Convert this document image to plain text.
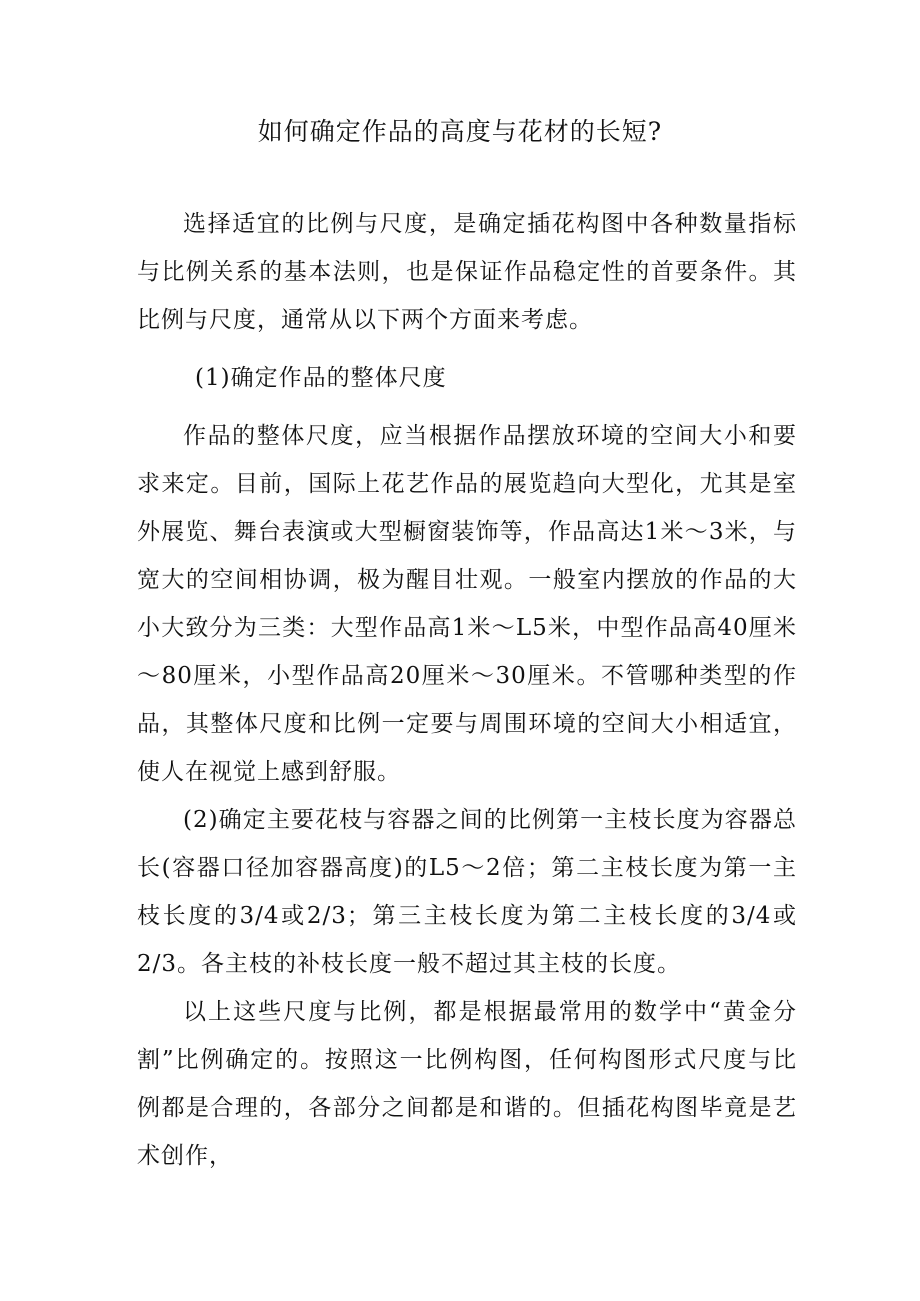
如何确定作品的高度与花材的长短?

选择适宜的比例与尺度，是确定插花构图中各种数量指标与比例关系的基本法则，也是保证作品稳定性的首要条件。其比例与尺度，通常从以下两个方面来考虑。

(1)确定作品的整体尺度

作品的整体尺度，应当根据作品摆放环境的空间大小和要求来定。目前，国际上花艺作品的展览趋向大型化，尤其是室外展览、舞台表演或大型橱窗装饰等，作品高达1米～3米，与宽大的空间相协调，极为醒目壮观。一般室内摆放的作品的大小大致分为三类：大型作品高1米～L5米，中型作品高40厘米～80厘米，小型作品高20厘米～30厘米。不管哪种类型的作品，其整体尺度和比例一定要与周围环境的空间大小相适宜，使人在视觉上感到舒服。

(2)确定主要花枝与容器之间的比例第一主枝长度为容器总长(容器口径加容器高度)的L5～2倍；第二主枝长度为第一主枝长度的3/4或2/3；第三主枝长度为第二主枝长度的3/4或2/3。各主枝的补枝长度一般不超过其主枝的长度。

以上这些尺度与比例，都是根据最常用的数学中“黄金分割”比例确定的。按照这一比例构图，任何构图形式尺度与比例都是合理的，各部分之间都是和谐的。但插花构图毕竟是艺术创作，
